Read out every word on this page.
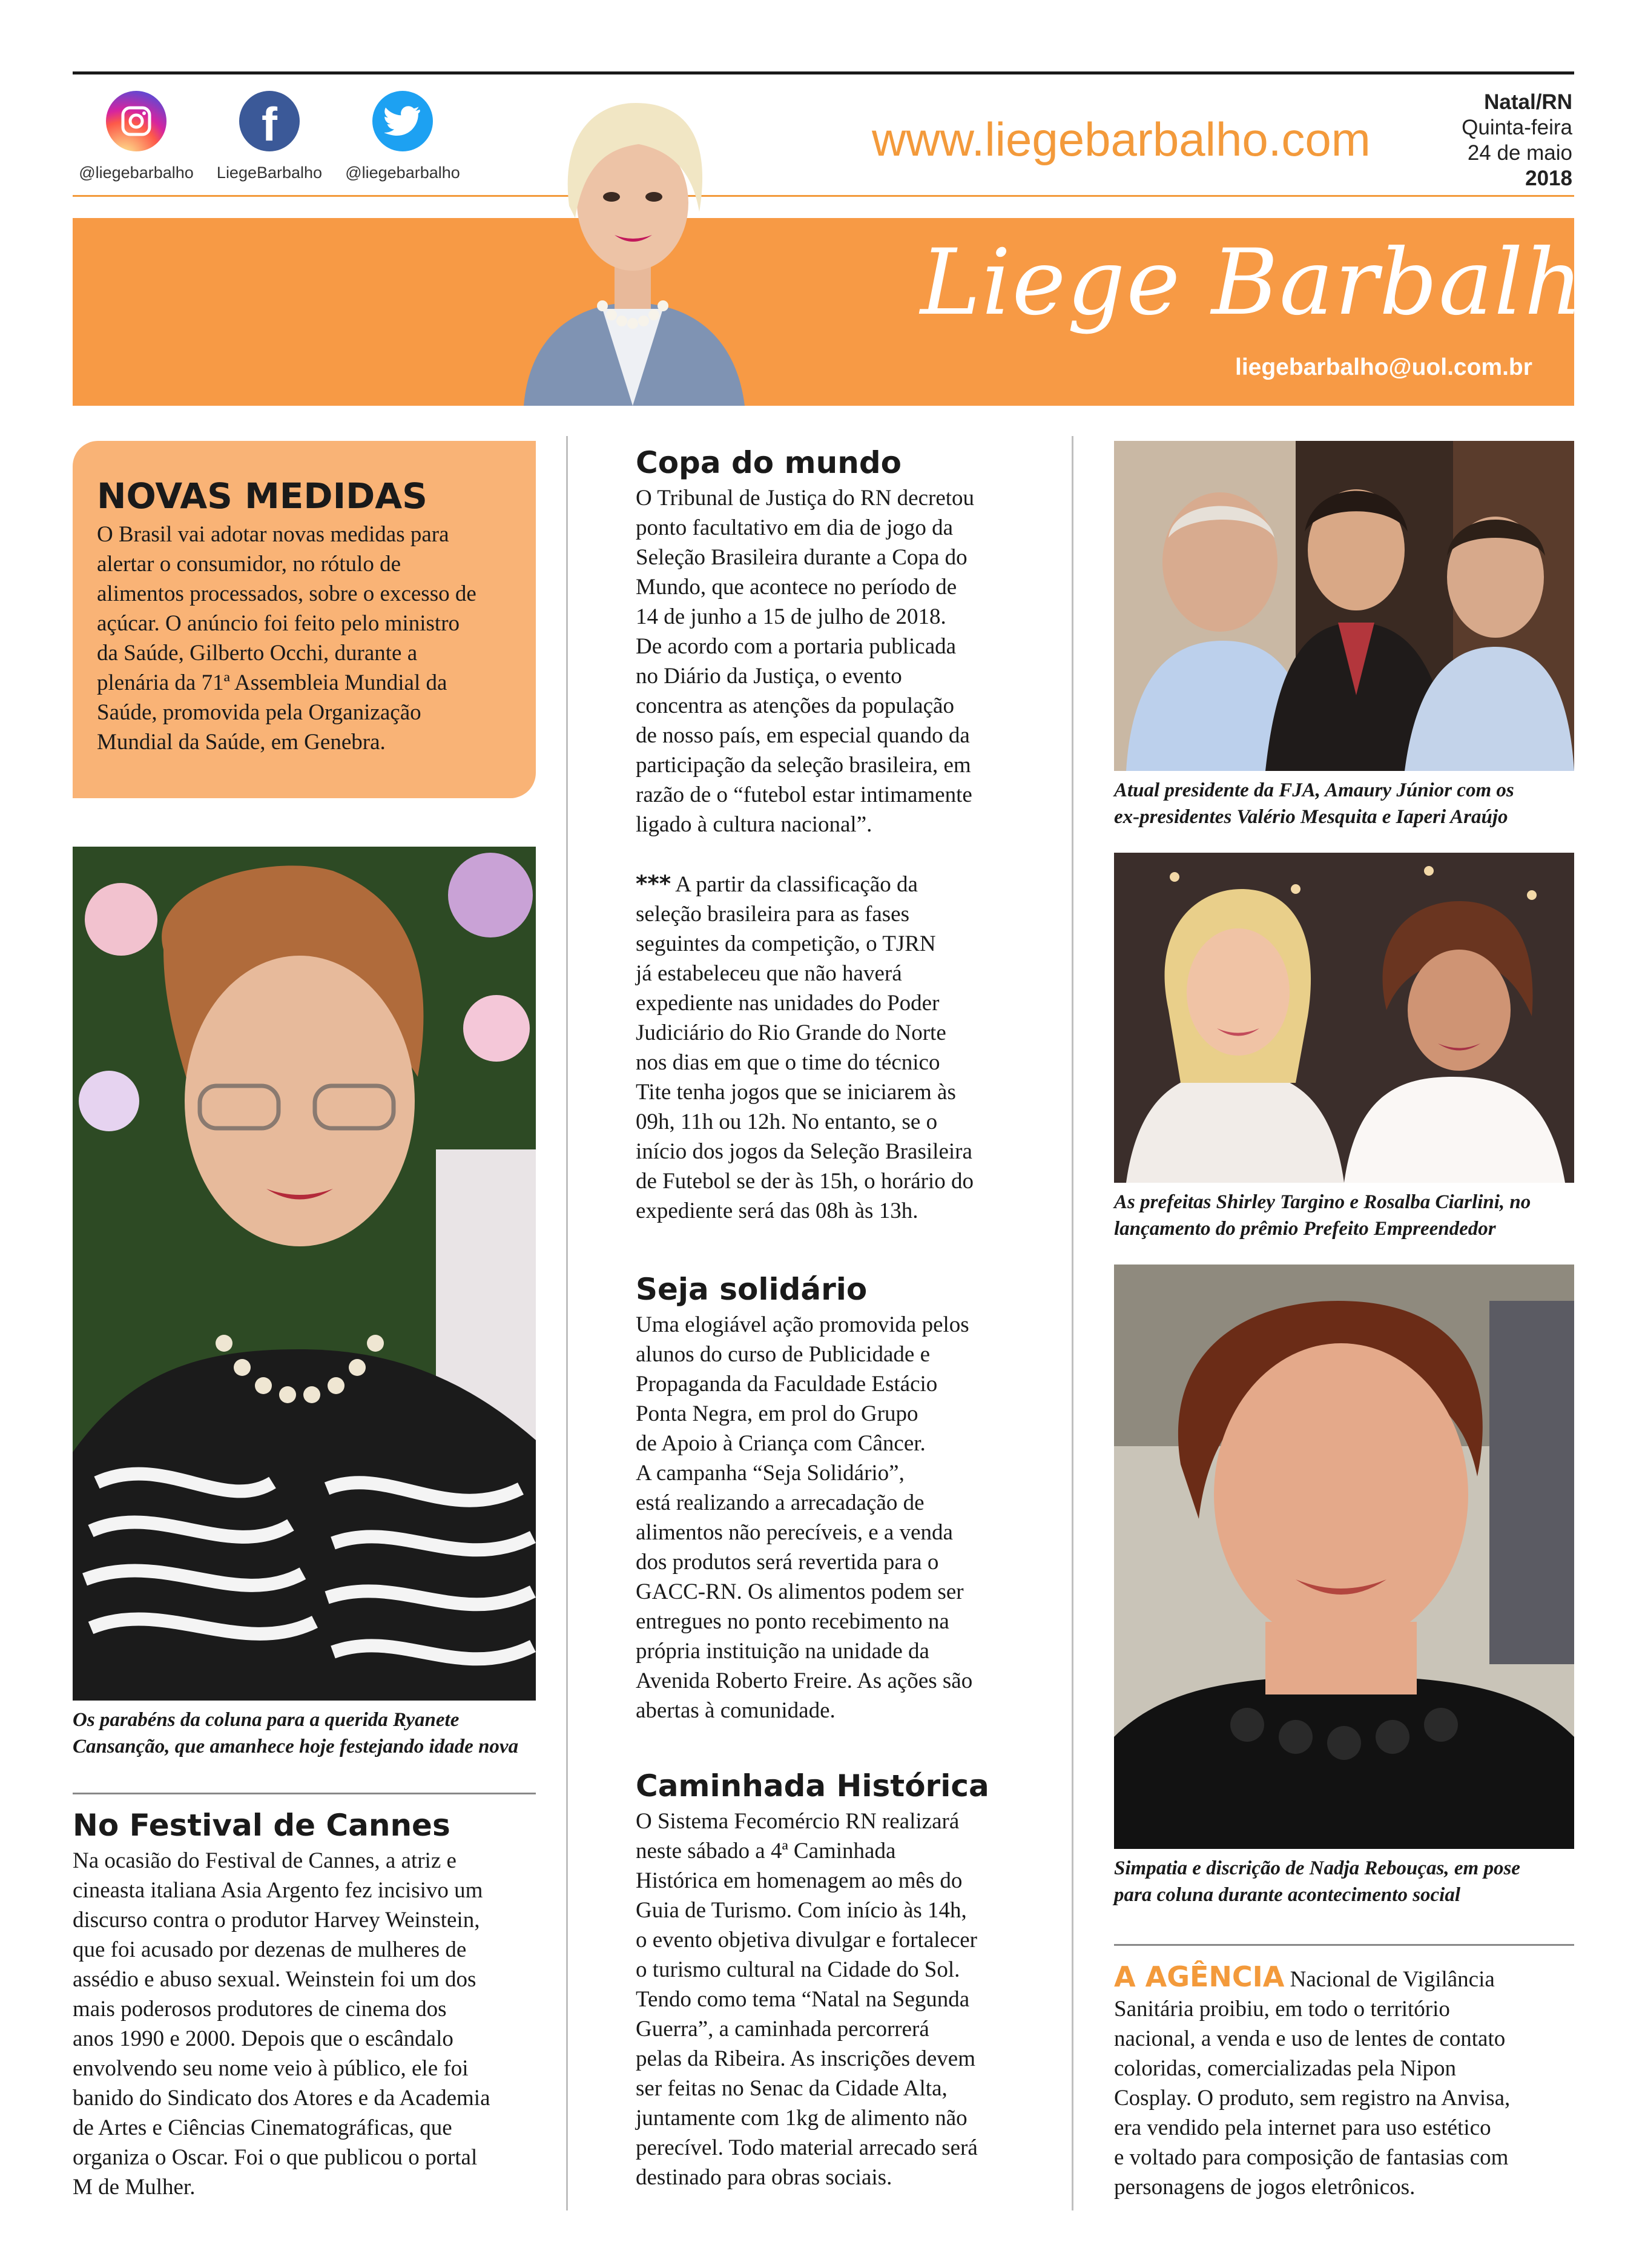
@liegebarbalho
f
LiegeBarbalho	@liegebarbalho
www.liegebarbalho.com
Natal/RN
Quinta-feira
24 de maio
2018
Liege Barbalho
liegebarbalho@uol.com.br
NOVAS MEDIDAS
O Brasil vai adotar novas medidas para
alertar o consumidor, no rótulo de
alimentos processados, sobre o excesso de
açúcar. O anúncio foi feito pelo ministro
da Saúde, Gilberto Occhi, durante a
plenária da 71ª Assembleia Mundial da
Saúde, promovida pela Organização
Mundial da Saúde, em Genebra.
Os parabéns da coluna para a querida Ryanete
Cansanção, que amanhece hoje festejando idade nova
No Festival de Cannes
Na ocasião do Festival de Cannes, a atriz e
cineasta italiana Asia Argento fez incisivo um
discurso contra o produtor Harvey Weinstein,
que foi acusado por dezenas de mulheres de
assédio e abuso sexual. Weinstein foi um dos
mais poderosos produtores de cinema dos
anos 1990 e 2000. Depois que o escândalo
envolvendo seu nome veio à público, ele foi
banido do Sindicato dos Atores e da Academia
de Artes e Ciências Cinematográficas, que
organiza o Oscar. Foi o que publicou o portal
M de Mulher.
Copa do mundo
O Tribunal de Justiça do RN decretou
ponto facultativo em dia de jogo da
Seleção Brasileira durante a Copa do
Mundo, que acontece no período de
14 de junho a 15 de julho de 2018.
De acordo com a portaria publicada
no Diário da Justiça, o evento
concentra as atenções da população
de nosso país, em especial quando da
participação da seleção brasileira, em
razão de o “futebol estar intimamente
ligado à cultura nacional”.
*** A partir da classificação da
seleção brasileira para as fases
seguintes da competição, o TJRN
já estabeleceu que não haverá
expediente nas unidades do Poder
Judiciário do Rio Grande do Norte
nos dias em que o time do técnico
Tite tenha jogos que se iniciarem às
09h, 11h ou 12h. No entanto, se o
início dos jogos da Seleção Brasileira
de Futebol se der às 15h, o horário do
expediente será das 08h às 13h.
Seja solidário
Uma elogiável ação promovida pelos
alunos do curso de Publicidade e
Propaganda da Faculdade Estácio
Ponta Negra, em prol do Grupo
de Apoio à Criança com Câncer.
A campanha “Seja Solidário”,
está realizando a arrecadação de
alimentos não perecíveis, e a venda
dos produtos será revertida para o
GACC-RN. Os alimentos podem ser
entregues no ponto recebimento na
própria instituição na unidade da
Avenida Roberto Freire. As ações são
abertas à comunidade.
Caminhada Histórica
O Sistema Fecomércio RN realizará
neste sábado a 4ª Caminhada
Histórica em homenagem ao mês do
Guia de Turismo. Com início às 14h,
o evento objetiva divulgar e fortalecer
o turismo cultural na Cidade do Sol.
Tendo como tema “Natal na Segunda
Guerra”, a caminhada percorrerá
pelas da Ribeira. As inscrições devem
ser feitas no Senac da Cidade Alta,
juntamente com 1kg de alimento não
perecível. Todo material arrecado será
destinado para obras sociais.
Atual presidente da FJA, Amaury Júnior com os
ex-presidentes Valério Mesquita e Iaperi Araújo
As prefeitas Shirley Targino e Rosalba Ciarlini, no
lançamento do prêmio Prefeito Empreendedor
Simpatia e discrição de Nadja Rebouças, em pose
para coluna durante acontecimento social
A AGÊNCIA Nacional de Vigilância
Sanitária proibiu, em todo o território
nacional, a venda e uso de lentes de contato
coloridas, comercializadas pela Nipon
Cosplay. O produto, sem registro na Anvisa,
era vendido pela internet para uso estético
e voltado para composição de fantasias com
personagens de jogos eletrônicos.
